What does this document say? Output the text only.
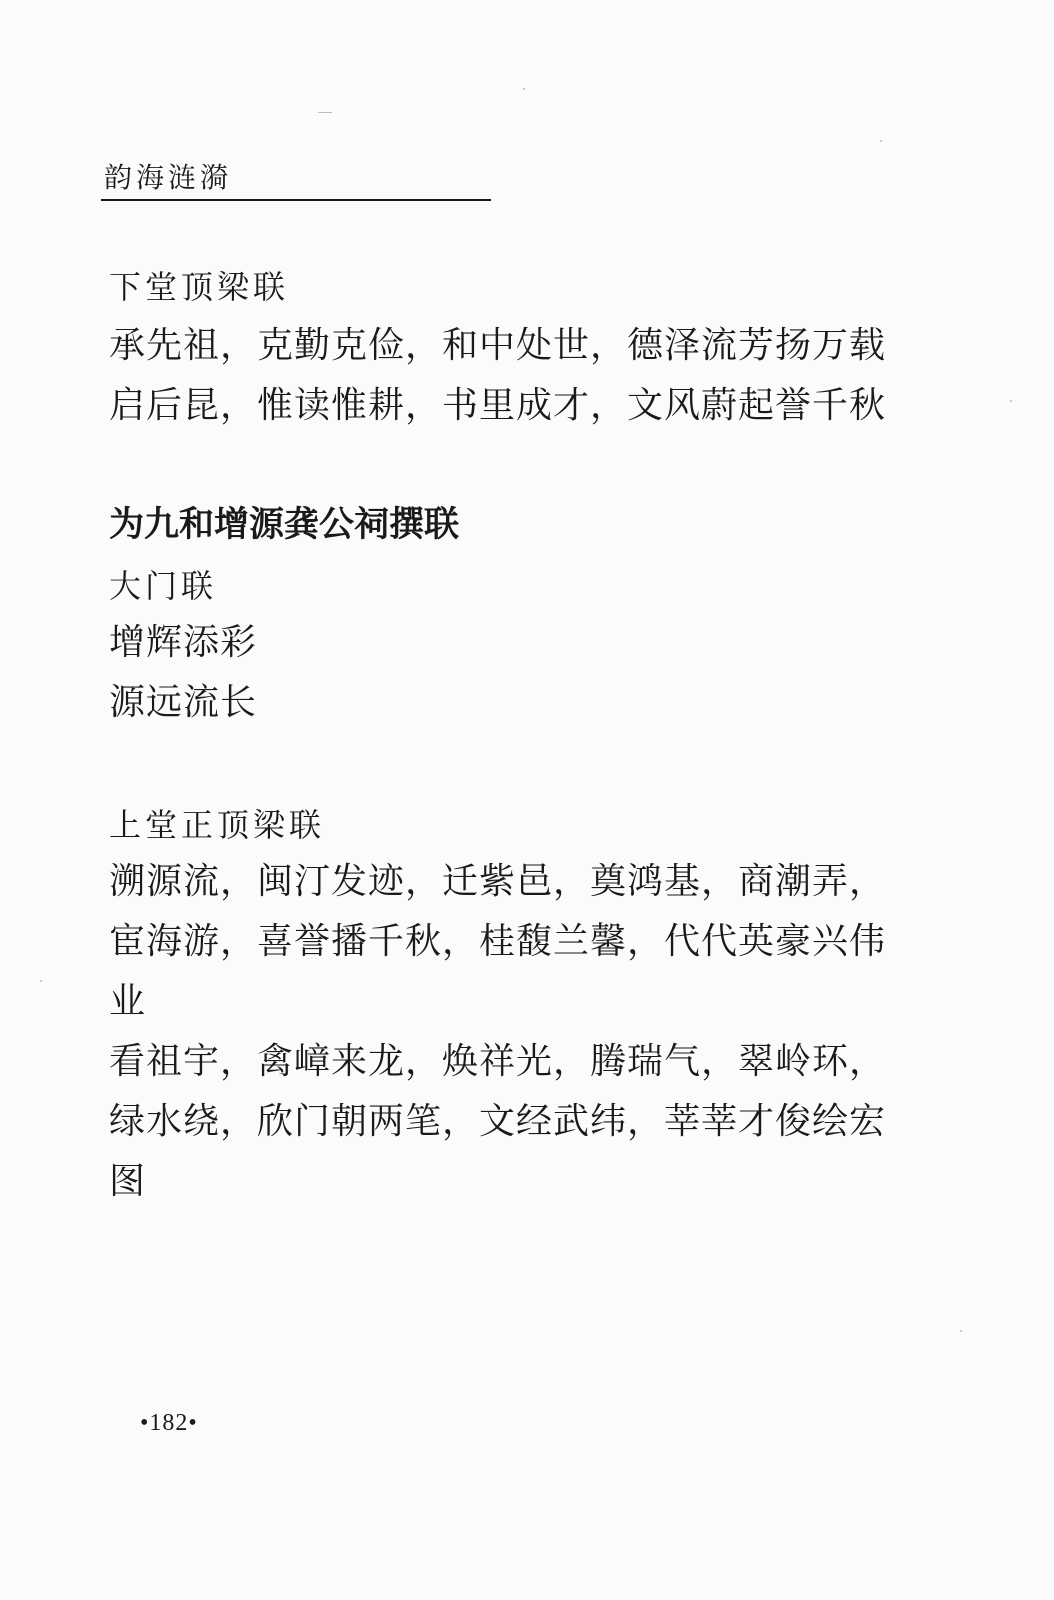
韵海涟漪
下堂顶梁联
承先祖，克勤克俭，和中处世，德泽流芳扬万载
启后昆，惟读惟耕，书里成才，文风蔚起誉千秋
为九和增源龚公祠撰联
大门联
增辉添彩
源远流长
上堂正顶梁联
溯源流，闽汀发迹，迁紫邑，奠鸿基，商潮弄，
宦海游，喜誉播千秋，桂馥兰馨，代代英豪兴伟
业
看祖宇，禽嶂来龙，焕祥光，腾瑞气，翠岭环，
绿水绕，欣门朝两笔，文经武纬，莘莘才俊绘宏
图
•182•
